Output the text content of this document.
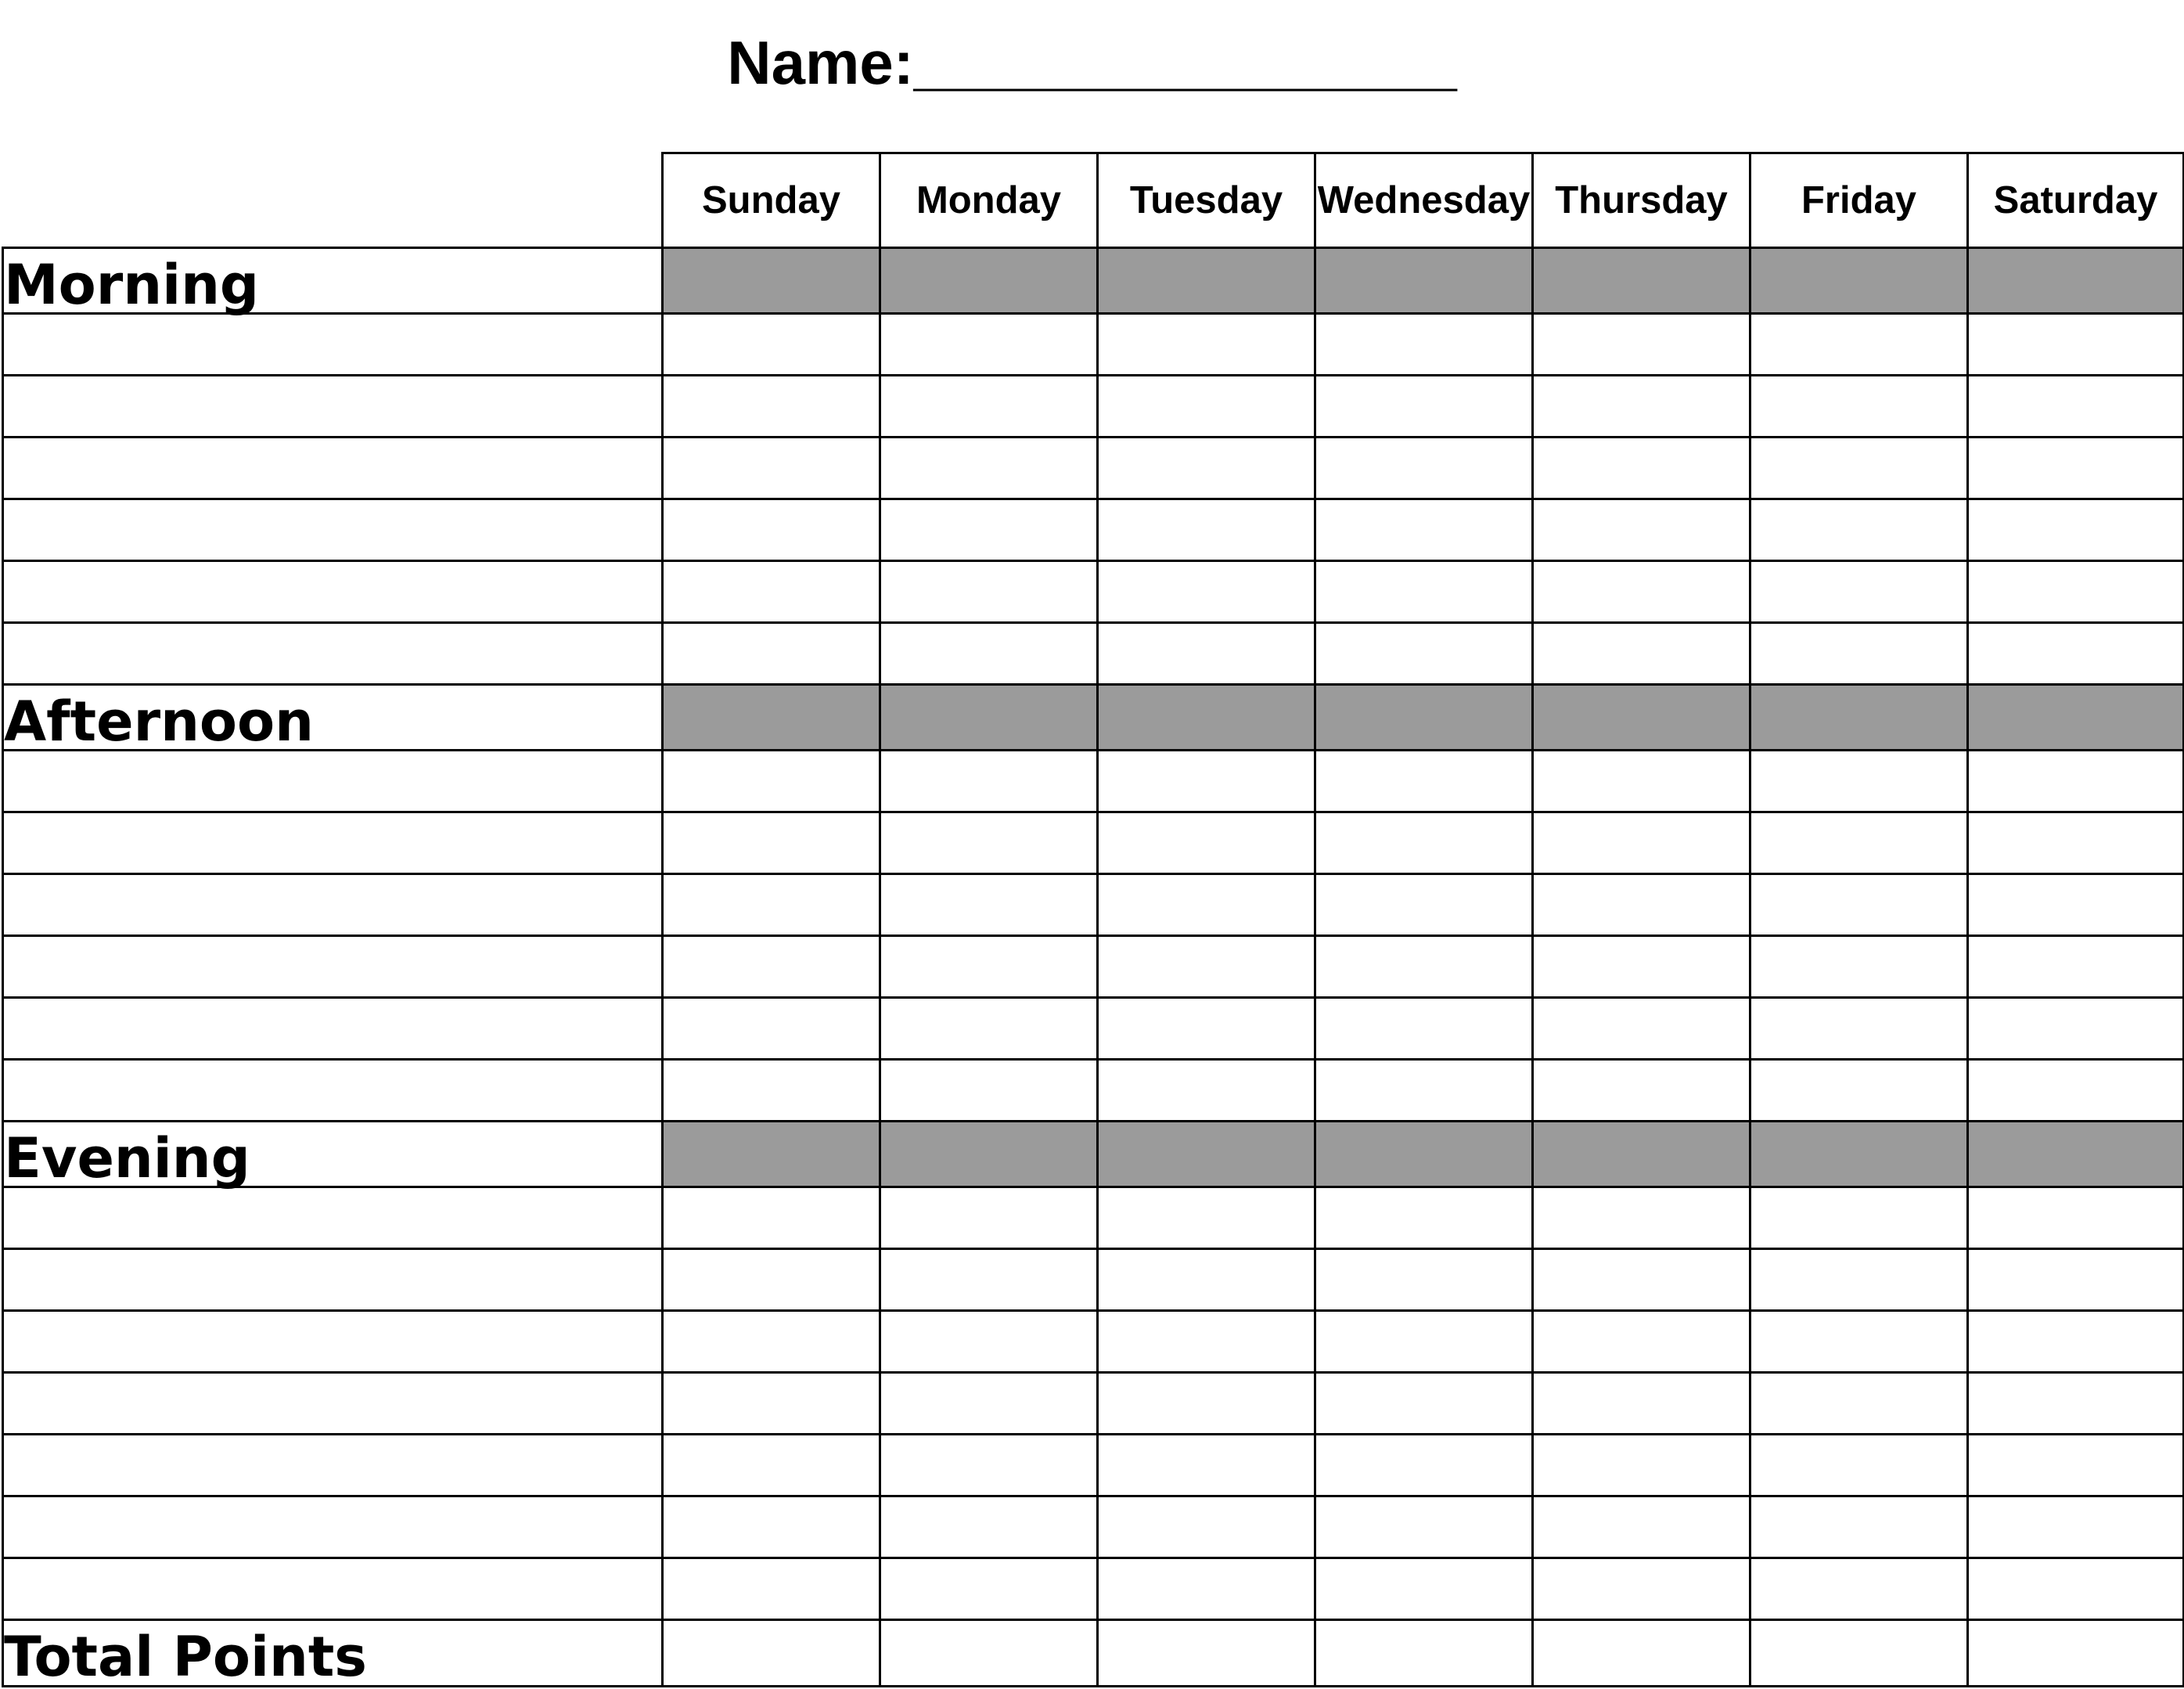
Name:________________
	Sunday	Monday	Tuesday	Wednesday	Thursday	Friday	Saturday
Morning							

Afternoon							

Evening							

Total Points							
